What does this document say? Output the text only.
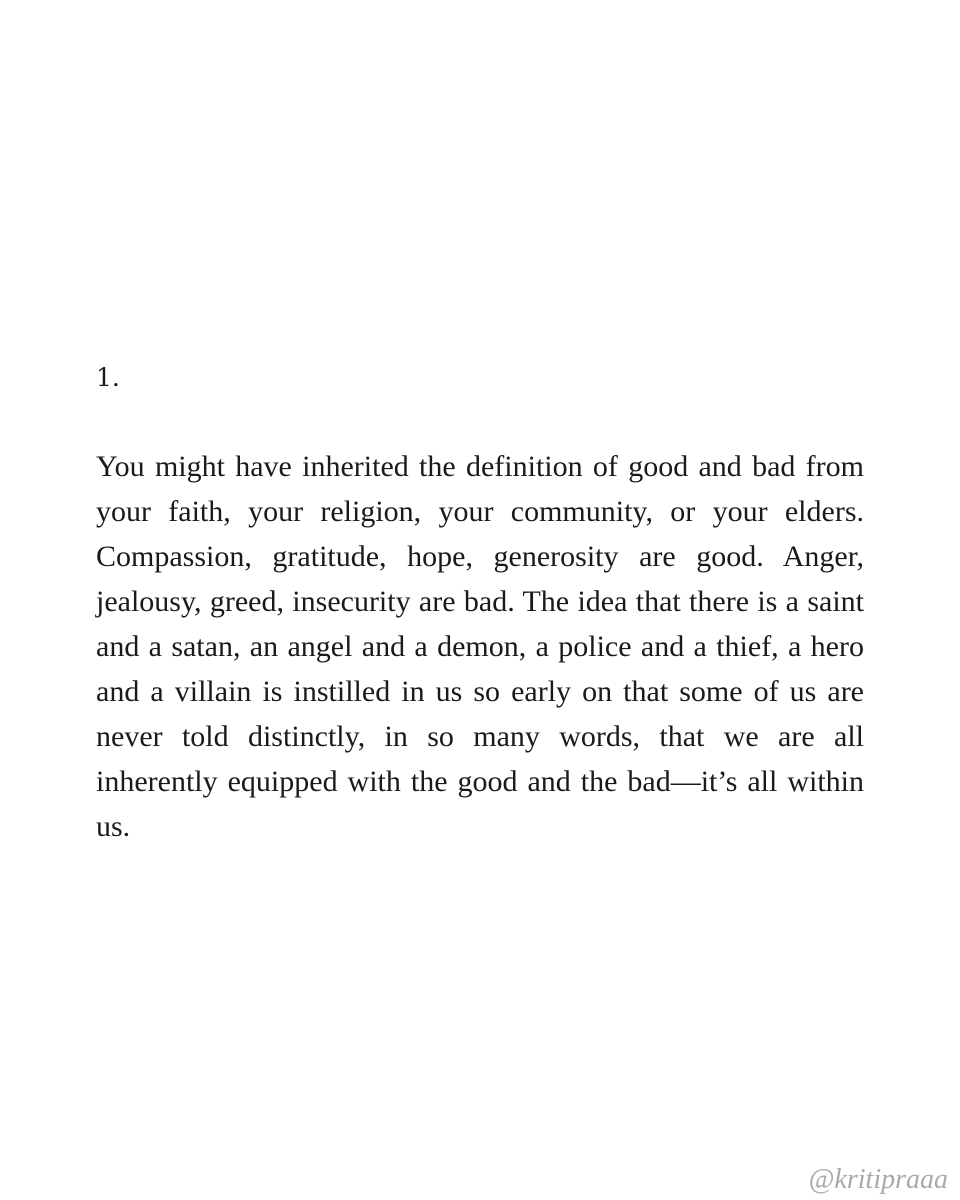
1.

You might have inherited the definition of good and bad from your faith, your religion, your community, or your elders. Compassion, gratitude, hope, generosity are good. Anger, jealousy, greed, insecurity are bad. The idea that there is a saint and a satan, an angel and a demon, a police and a thief, a hero and a villain is instilled in us so early on that some of us are never told distinctly, in so many words, that we are all inherently equipped with the good and the bad—it’s all within us.

@kritipraaa
